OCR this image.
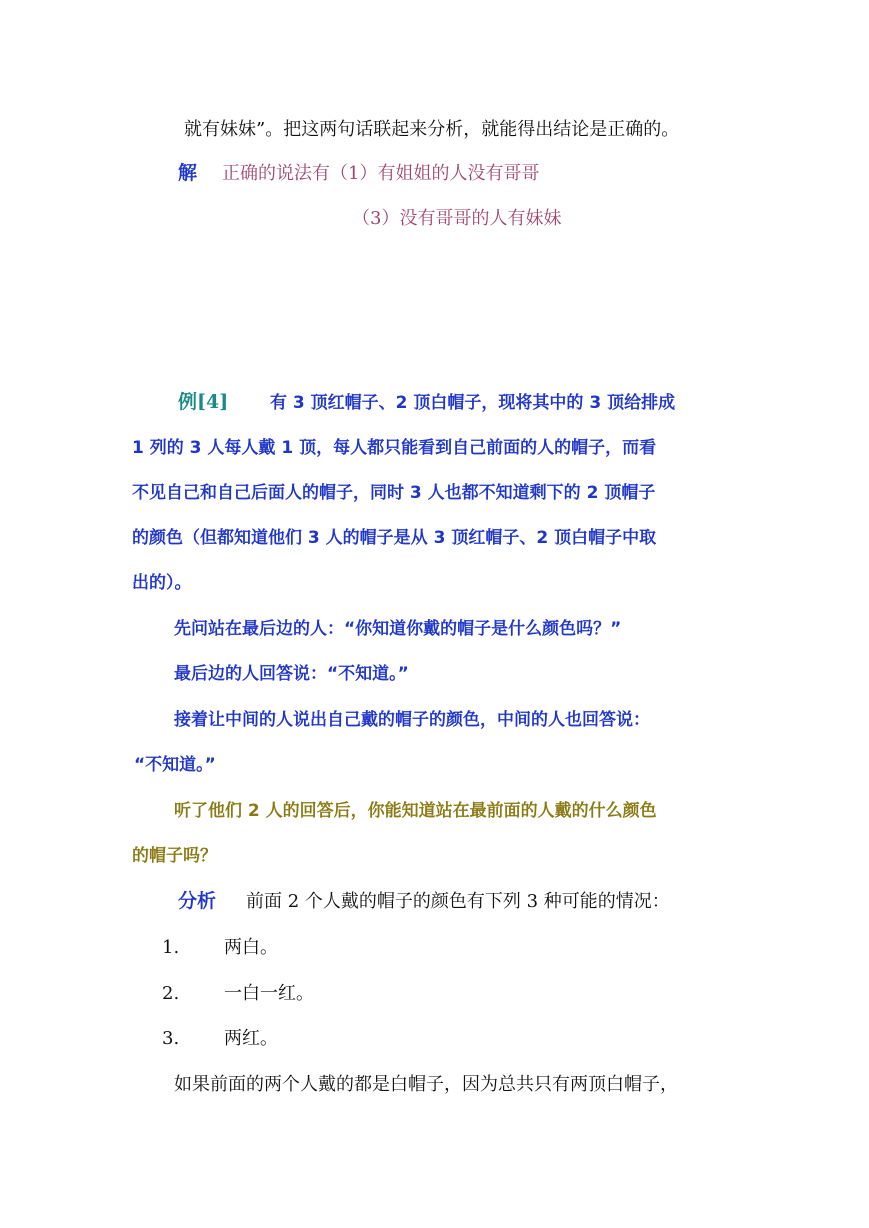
就有妹妹”。把这两句话联起来分析，就能得出结论是正确的。
解 正确的说法有（1）有姐姐的人没有哥哥
（3）没有哥哥的人有妹妹
例[4] 有 3 顶红帽子、2 顶白帽子，现将其中的 3 顶给排成
1 列的 3 人每人戴 1 顶，每人都只能看到自己前面的人的帽子，而看
不见自己和自己后面人的帽子，同时 3 人也都不知道剩下的 2 顶帽子
的颜色（但都知道他们 3 人的帽子是从 3 顶红帽子、2 顶白帽子中取
出的）。
先问站在最后边的人：“你知道你戴的帽子是什么颜色吗？”
最后边的人回答说：“不知道。”
接着让中间的人说出自己戴的帽子的颜色，中间的人也回答说：
“不知道。”
听了他们 2 人的回答后，你能知道站在最前面的人戴的什么颜色
的帽子吗？
分析 前面 2 个人戴的帽子的颜色有下列 3 种可能的情况：
1. 两白。
2. 一白一红。
3. 两红。
如果前面的两个人戴的都是白帽子，因为总共只有两顶白帽子，
